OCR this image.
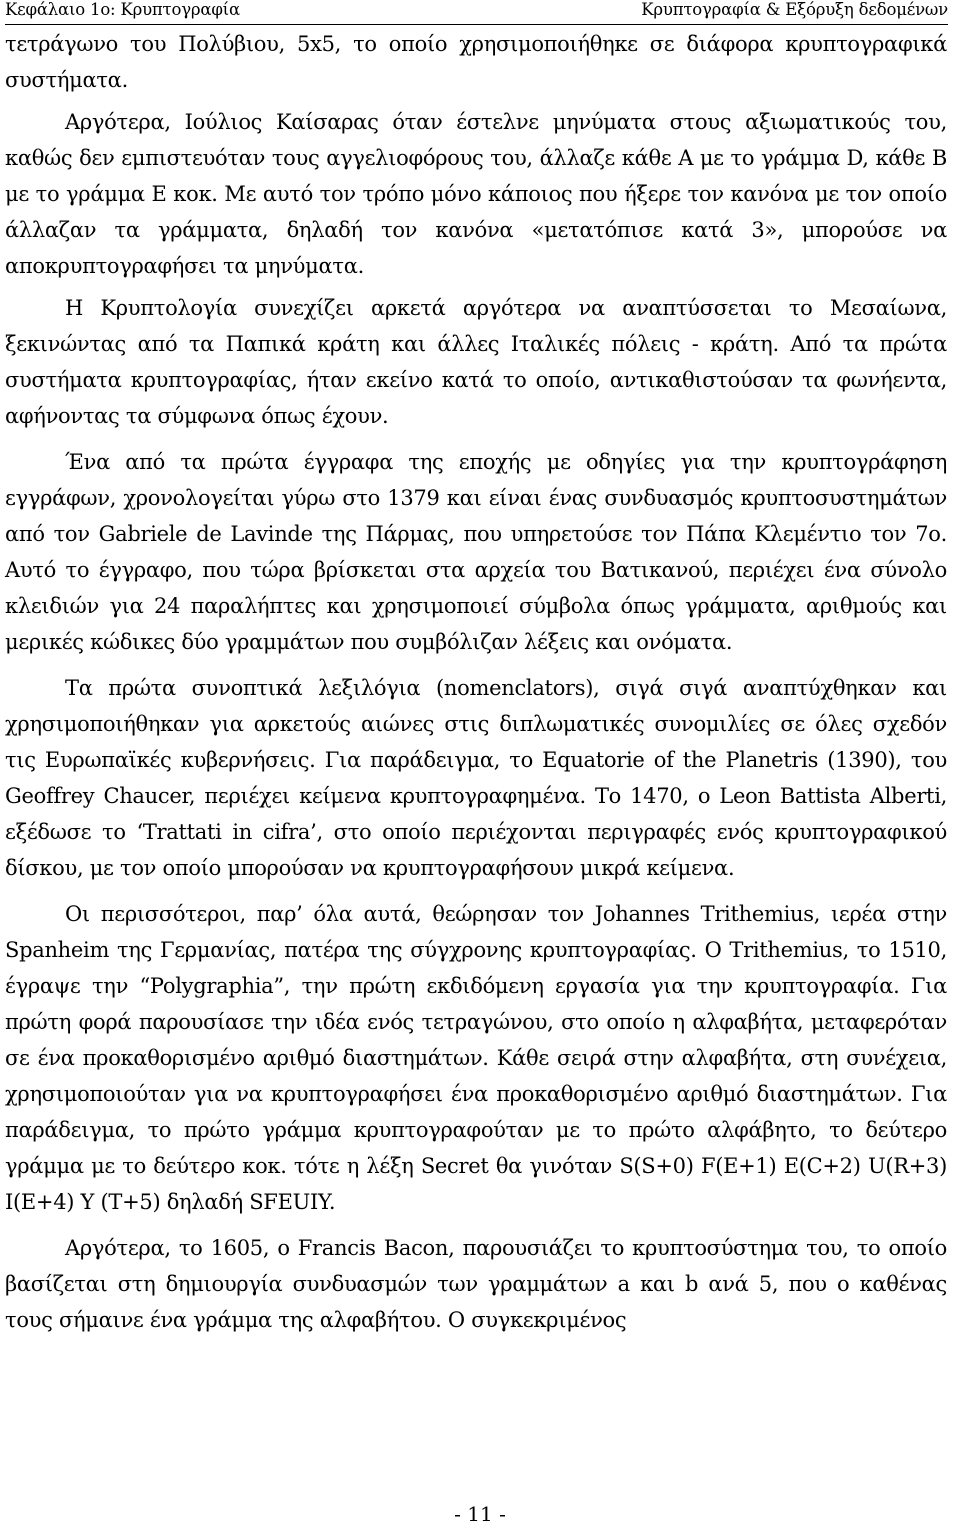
Κεφάλαιο 1ο: Κρυπτογραφία	Κρυπτογραφία & Εξόρυξη δεδομένων

τετράγωνο του Πολύβιου, 5x5, το οποίο χρησιμοποιήθηκε σε διάφορα κρυπτογραφικά συστήματα.

Αργότερα, Ιούλιος Καίσαρας όταν έστελνε μηνύματα στους αξιωματικούς του, καθώς δεν εμπιστευόταν τους αγγελιοφόρους του, άλλαζε κάθε A με το γράμμα D, κάθε B με το γράμμα E κοκ. Με αυτό τον τρόπο μόνο κάποιος που ήξερε τον κανόνα με τον οποίο άλλαζαν τα γράμματα, δηλαδή τον κανόνα «μετατόπισε κατά 3», μπορούσε να αποκρυπτογραφήσει τα μηνύματα.

Η Κρυπτολογία συνεχίζει αρκετά αργότερα να αναπτύσσεται το Μεσαίωνα, ξεκινώντας από τα Παπικά κράτη και άλλες Ιταλικές πόλεις - κράτη. Από τα πρώτα συστήματα κρυπτογραφίας, ήταν εκείνο κατά το οποίο, αντικαθιστούσαν τα φωνήεντα, αφήνοντας τα σύμφωνα όπως έχουν.

Ένα από τα πρώτα έγγραφα της εποχής με οδηγίες για την κρυπτογράφηση εγγράφων, χρονολογείται γύρω στο 1379 και είναι ένας συνδυασμός κρυπτοσυστημάτων από τον Gabriele de Lavinde της Πάρμας, που υπηρετούσε τον Πάπα Κλεμέντιο τον 7ο. Αυτό το έγγραφο, που τώρα βρίσκεται στα αρχεία του Βατικανού, περιέχει ένα σύνολο κλειδιών για 24 παραλήπτες και χρησιμοποιεί σύμβολα όπως γράμματα, αριθμούς και μερικές κώδικες δύο γραμμάτων που συμβόλιζαν λέξεις και ονόματα.

Τα πρώτα συνοπτικά λεξιλόγια (nomenclators), σιγά σιγά αναπτύχθηκαν και χρησιμοποιήθηκαν για αρκετούς αιώνες στις διπλωματικές συνομιλίες σε όλες σχεδόν τις Ευρωπαϊκές κυβερνήσεις. Για παράδειγμα, το Equatorie of the Planetris (1390), του Geoffrey Chaucer, περιέχει κείμενα κρυπτογραφημένα. Το 1470, ο Leon Battista Alberti, εξέδωσε το ‘Trattati in cifra’, στο οποίο περιέχονται περιγραφές ενός κρυπτογραφικού δίσκου, με τον οποίο μπορούσαν να κρυπτογραφήσουν μικρά κείμενα.

Οι περισσότεροι, παρ’ όλα αυτά, θεώρησαν τον Johannes Trithemius, ιερέα στην Spanheim της Γερμανίας, πατέρα της σύγχρονης κρυπτογραφίας. Ο Trithemius, το 1510, έγραψε την “Polygraphia”, την πρώτη εκδιδόμενη εργασία για την κρυπτογραφία. Για πρώτη φορά παρουσίασε την ιδέα ενός τετραγώνου, στο οποίο η αλφαβήτα, μεταφερόταν σε ένα προκαθορισμένο αριθμό διαστημάτων. Κάθε σειρά στην αλφαβήτα, στη συνέχεια, χρησιμοποιούταν για να κρυπτογραφήσει ένα προκαθορισμένο αριθμό διαστημάτων. Για παράδειγμα, το πρώτο γράμμα κρυπτογραφούταν με το πρώτο αλφάβητο, το δεύτερο γράμμα με το δεύτερο κοκ. τότε η λέξη Secret θα γινόταν S(S+0) F(E+1) E(C+2) U(R+3) I(E+4) Y (T+5) δηλαδή SFEUIY.

Αργότερα, το 1605, ο Francis Bacon, παρουσιάζει το κρυπτοσύστημα του, το οποίο βασίζεται στη δημιουργία συνδυασμών των γραμμάτων a και b ανά 5, που ο καθένας τους σήμαινε ένα γράμμα της αλφαβήτου. Ο συγκεκριμένος

- 11 -
